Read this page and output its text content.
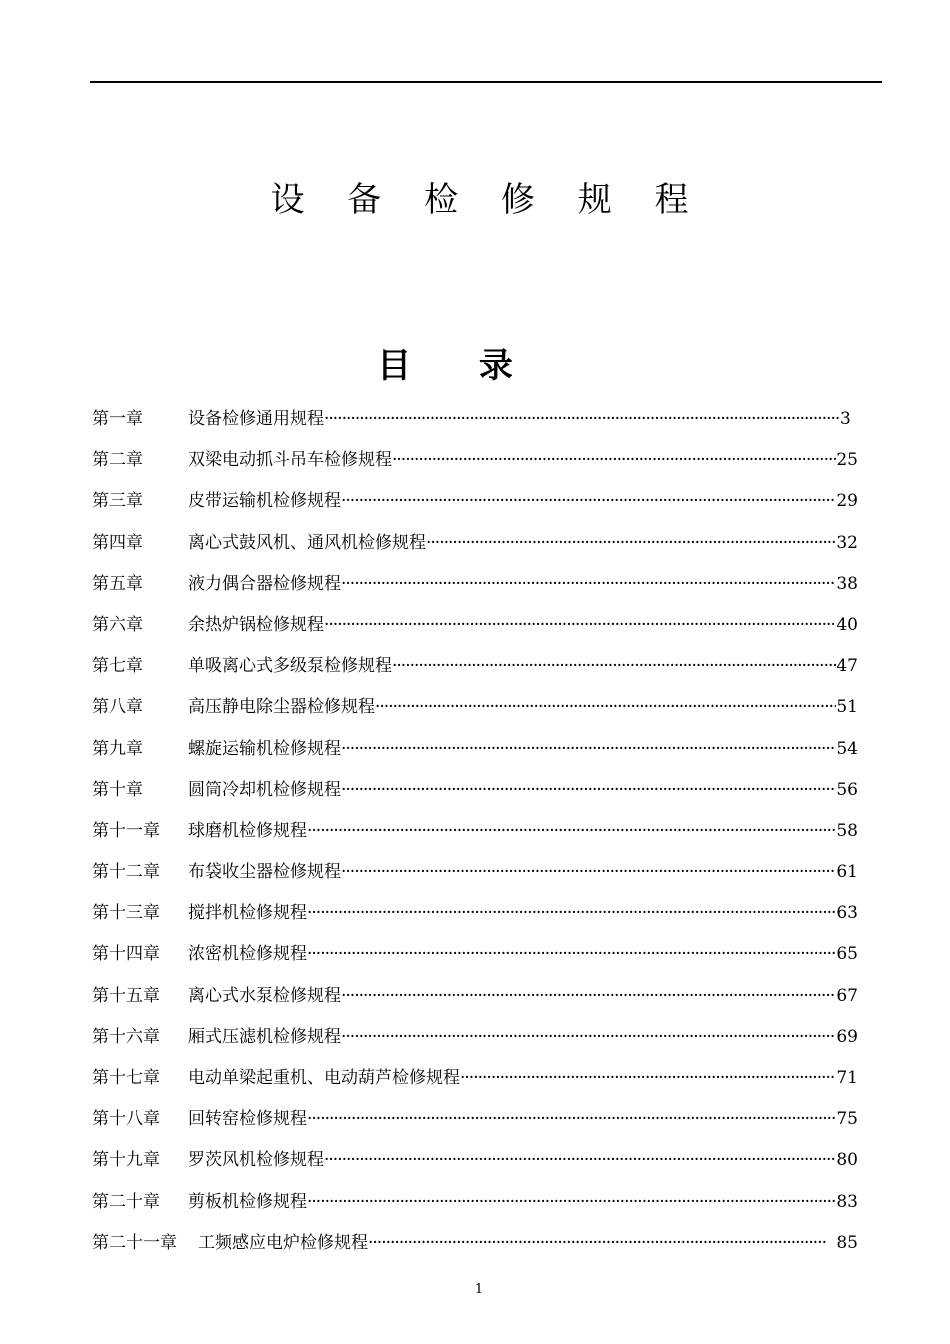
设 备 检 修 规 程
目 录
第一章	设备检修通用规程 ·····	3
第二章	双梁电动抓斗吊车检修规程 ·····	25
第三章	皮带运输机检修规程 ·····	29
第四章	离心式鼓风机、通风机检修规程 ·····	32
第五章	液力偶合器检修规程 ·····	38
第六章	余热炉锅检修规程 ·····	40
第七章	单吸离心式多级泵检修规程 ·····	47
第八章	高压静电除尘器检修规程 ·····	51
第九章	螺旋运输机检修规程 ·····	54
第十章	圆筒冷却机检修规程 ·····	56
第十一章	球磨机检修规程 ·····	58
第十二章	布袋收尘器检修规程 ·····	61
第十三章	搅拌机检修规程 ·····	63
第十四章	浓密机检修规程 ·····	65
第十五章	离心式水泵检修规程 ·····	67
第十六章	厢式压滤机检修规程 ·····	69
第十七章	电动单梁起重机、电动葫芦检修规程 ·····	71
第十八章	回转窑检修规程 ·····	75
第十九章	罗茨风机检修规程 ·····	80
第二十章	剪板机检修规程 ·····	83
第二十一章	工频感应电炉检修规程 ·····	85
1
